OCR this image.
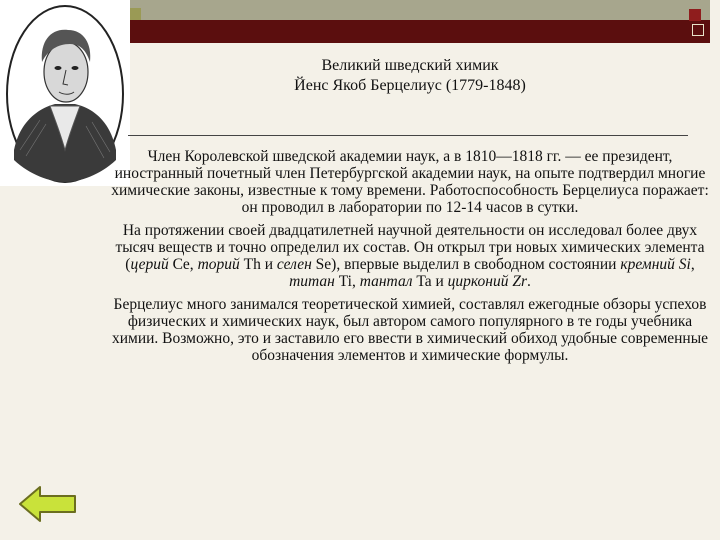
Великий шведский химик
Йенс Якоб Берцелиус (1779-1848)

Член Королевской шведской академии наук, а в 1810—1818 гг. — ее президент, иностранный почетный член Петербургской академии наук, на опыте подтвердил многие химические законы, известные к тому времени. Работоспособность Берцелиуса поражает: он проводил в лаборатории по 12-14 часов в сутки.

На протяжении своей двадцатилетней научной деятельности он исследовал более двух тысяч веществ и точно определил их состав. Он открыл три новых химических элемента (церий Ce, торий Th и селен Se), впервые выделил в свободном состоянии кремний Si, титан Ti, тантал Ta и цирконий Zr.

Берцелиус много занимался теоретической химией, составлял ежегодные обзоры успехов физических и химических наук, был автором самого популярного в те годы учебника химии. Возможно, это и заставило его ввести в химический обиход удобные современные обозначения элементов и химические формулы.
